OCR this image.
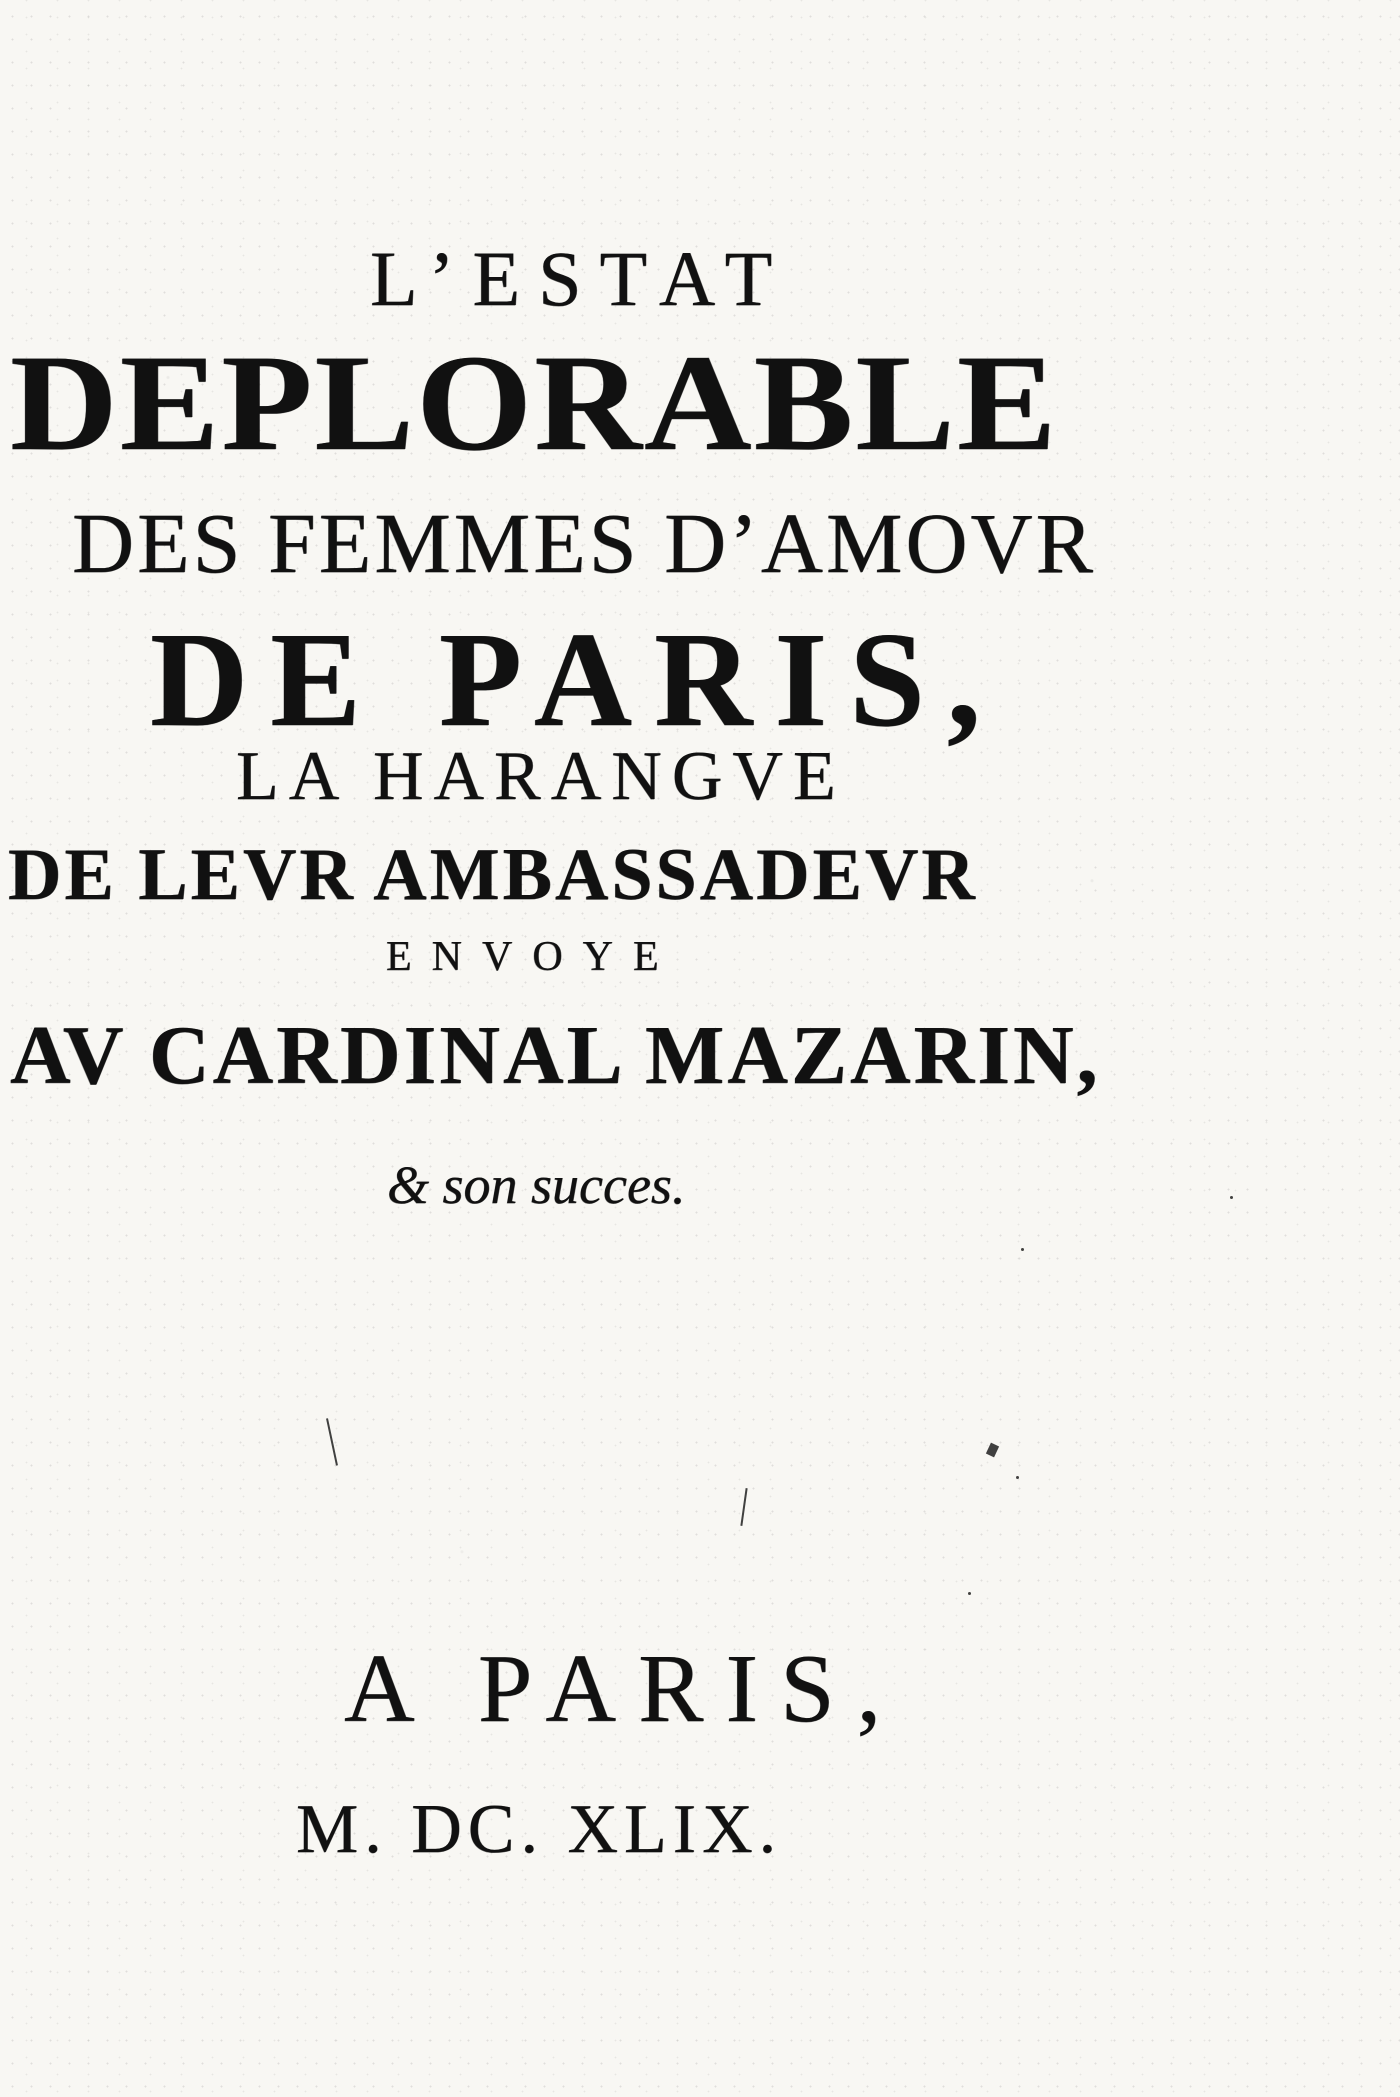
L’ESTAT
DEPLORABLE
DES FEMMES D’AMOVR
DE PARIS,
LA HARANGVE
DE LEVR AMBASSADEVR
ENVOYE
AV CARDINAL MAZARIN,
& son succes.
A PARIS,
M. DC. XLIX.
